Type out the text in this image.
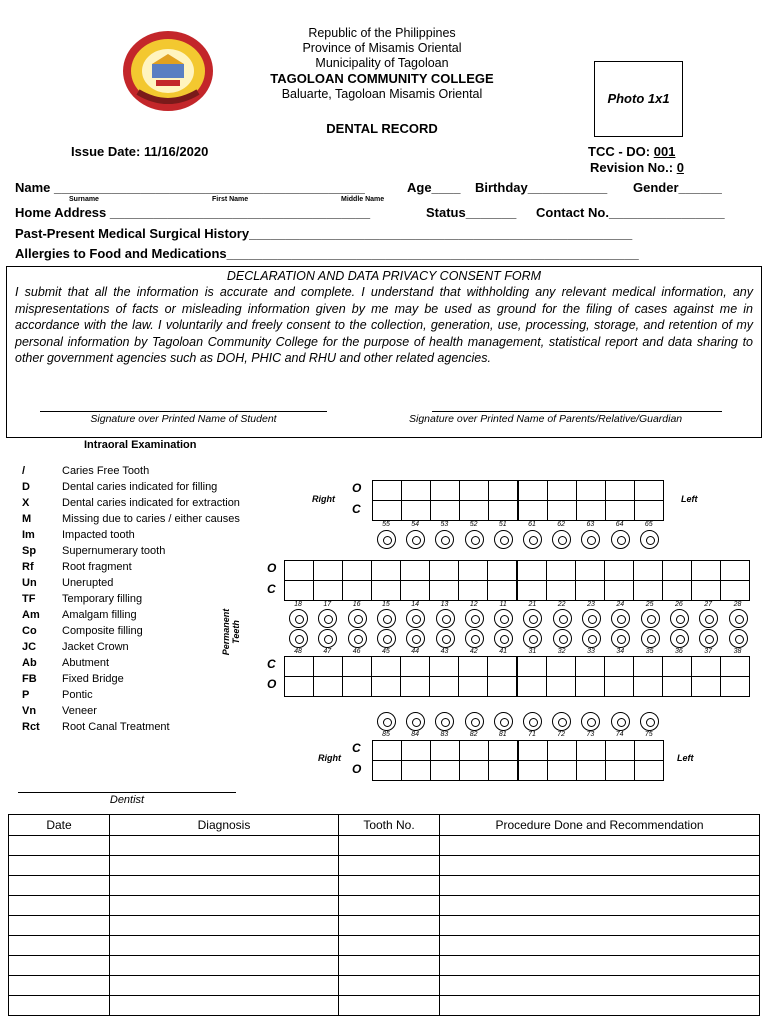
Republic of the Philippines
Province of Misamis Oriental
Municipality of Tagoloan
TAGOLOAN COMMUNITY COLLEGE
Baluarte, Tagoloan Misamis Oriental	Photo 1x1
DENTAL RECORD
Issue Date: 11/16/2020	TCC - DO: 001
Revision No.: 0
Name ___________________________________________	Age____ Birthday___________ Gender______
Surname	First Name	Middle Name
Home Address ____________________________________	Status_______ Contact No.________________
Past-Present Medical Surgical History_____________________________________________________
Allergies to Food and Medications_________________________________________________________
DECLARATION AND DATA PRIVACY CONSENT FORM
I submit that all the information is accurate and complete. I understand that withholding any relevant medical information, any mispresentations of facts or misleading information given by me may be used as ground for the filing of cases against me in accordance with the law. I voluntarily and freely consent to the collection, generation, use, processing, storage, and retention of my personal information by Tagoloan Community College for the purpose of health management, statistical report and data sharing to other government agencies such as DOH, PHIC and RHU and other related agencies.
Signature over Printed Name of Student	Signature over Printed Name of Parents/Relative/Guardian
Intraoral Examination
/	Caries Free Tooth
D	Dental caries indicated for filling
X	Dental caries indicated for extraction
M	Missing due to caries / either causes
Im Impacted tooth
Sp Supernumerary tooth
Rf	Root fragment
Un Unerupted
TF Temporary filling
Am Amalgam filling
Co Composite filling
JC Jacket Crown
Ab Abutment
FB Fixed Bridge
P	Pontic
Vn Veneer
Rct Root Canal Treatment
O
C
Right	Left

55	54	53	52	51	61	62	63	64	65
O
C

18	17	16	15	14	13	12	11	21	22	23	24	25	26	27	28
Permanent Teeth
48	47	46	45	44	43	42	41	31	32	33	34	35	36	37	38
C
O

85	84	83	82	81	71	72	73	74	75
C
O
Right	Left

Dentist
Date	Diagnosis	Tooth No.	Procedure Done and Recommendation
